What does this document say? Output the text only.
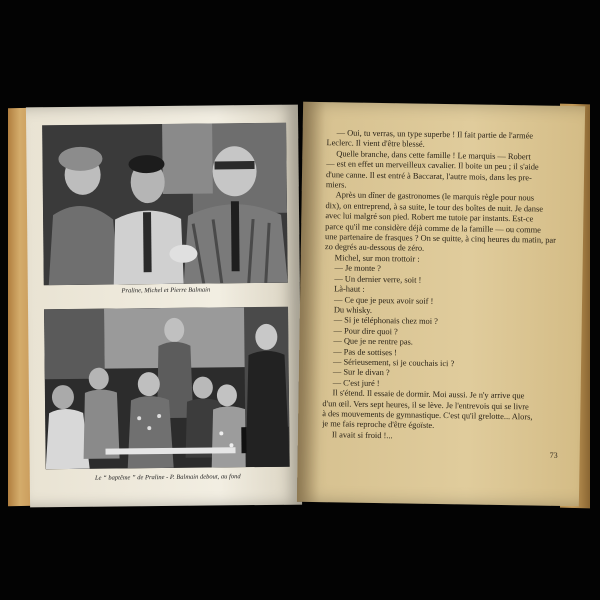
Praline, Michel et Pierre Balmain
Le “ baptême ” de Praline - P. Balmain debout, au fond
— Oui, tu verras, un type superbe ! Il fait partie de l'armée
Leclerc. Il vient d'être blessé.
Quelle branche, dans cette famille ! Le marquis — Robert
— est en effet un merveilleux cavalier. Il boite un peu ; il s'aide
d'une canne. Il est entré à Baccarat, l'autre mois, dans les pre-
miers.
Après un dîner de gastronomes (le marquis règle pour nous
dix), on entreprend, à sa suite, le tour des boîtes de nuit. Je danse
avec lui malgré son pied. Robert me tutoie par instants. Est-ce
parce qu'il me considère déjà comme de la famille — ou comme
une partenaire de frasques ? On se quitte, à cinq heures du matin, par
zo degrés au-dessous de zéro.
Michel, sur mon trottoir :
— Je monte ?
— Un dernier verre, soit !
Là-haut :
— Ce que je peux avoir soif !
Du whisky.
— Si je téléphonais chez moi ?
— Pour dire quoi ?
— Que je ne rentre pas.
— Pas de sottises !
— Sérieusement, si je couchais ici ?
— Sur le divan ?
— C'est juré !
Il s'étend. Il essaie de dormir. Moi aussi. Je n'y arrive que
d'un œil. Vers sept heures, il se lève. Je l'entrevois qui se livre
à des mouvements de gymnastique. C'est qu'il grelotte... Alors,
je me fais reproche d'être égoïste.
Il avait si froid !...
73
